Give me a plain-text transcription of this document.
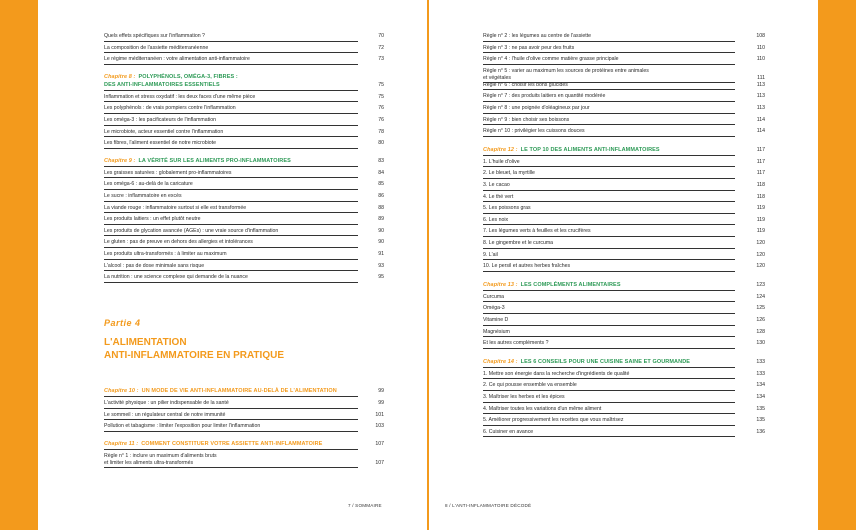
Quels effets spécifiques sur l'inflammation ?	70
La composition de l'assiette méditerranéenne	72
Le régime méditerranéen : votre alimentation anti-inflammatoire	73
Chapitre 8 : POLYPHÉNOLS, OMÉGA-3, FIBRES :
DES ANTI-INFLAMMATOIRES ESSENTIELS	75
Inflammation et stress oxydatif : les deux faces d'une même pièce	75
Les polyphénols : de vrais pompiers contre l'inflammation	76
Les oméga-3 : les pacificateurs de l'inflammation	76
Le microbiote, acteur essentiel contre l'inflammation	78
Les fibres, l'aliment essentiel de notre microbiote	80
Chapitre 9 : LA VÉRITÉ SUR LES ALIMENTS PRO-INFLAMMATOIRES	83
Les graisses saturées : globalement pro-inflammatoires	84
Les oméga-6 : au-delà de la caricature	85
Le sucre : inflammatoire en excès	86
La viande rouge : inflammatoire surtout si elle est transformée	88
Les produits laitiers : un effet plutôt neutre	89
Les produits de glycation avancée (AGEs) : une vraie source d'inflammation	90
Le gluten : pas de preuve en dehors des allergies et intolérances	90
Les produits ultra-transformés : à limiter au maximum	91
L'alcool : pas de dose minimale sans risque	93
La nutrition : une science complexe qui demande de la nuance	95
Partie 4
L'ALIMENTATION
ANTI-INFLAMMATOIRE EN PRATIQUE
Chapitre 10 : UN MODE DE VIE ANTI-INFLAMMATOIRE AU-DELÀ DE L'ALIMENTATION	99
L'activité physique : un pilier indispensable de la santé	99
Le sommeil : un régulateur central de notre immunité	101
Pollution et tabagisme : limiter l'exposition pour limiter l'inflammation	103
Chapitre 11 : COMMENT CONSTITUER VOTRE ASSIETTE ANTI-INFLAMMATOIRE	107
Règle n° 1 : inclure un maximum d'aliments bruts
et limiter les aliments ultra-transformés	107
7 / SOMMAIRE
Règle n° 2 : les légumes au centre de l'assiette	108
Règle n° 3 : ne pas avoir peur des fruits	110
Règle n° 4 : l'huile d'olive comme matière grasse principale	110
Règle n° 5 : varier au maximum les sources de protéines entre animales
et végétales	111
Règle n° 6 : choisir les bons glucides	113
Règle n° 7 : des produits laitiers en quantité modérée	113
Règle n° 8 : une poignée d'oléagineux par jour	113
Règle n° 9 : bien choisir ses boissons	114
Règle n° 10 : privilégier les cuissons douces	114
Chapitre 12 : LE TOP 10 DES ALIMENTS ANTI-INFLAMMATOIRES	117
1. L'huile d'olive	117
2. Le bleuet, la myrtille	117
3. Le cacao	118
4. Le thé vert	118
5. Les poissons gras	119
6. Les noix	119
7. Les légumes verts à feuilles et les crucifères	119
8. Le gingembre et le curcuma	120
9. L'ail	120
10. Le persil et autres herbes fraîches	120
Chapitre 13 : LES COMPLÉMENTS ALIMENTAIRES	123
Curcuma	124
Oméga-3	125
Vitamine D	126
Magnésium	128
Et les autres compléments ?	130
Chapitre 14 : LES 6 CONSEILS POUR UNE CUISINE SAINE ET GOURMANDE	133
1. Mettre son énergie dans la recherche d'ingrédients de qualité	133
2. Ce qui pousse ensemble va ensemble	134
3. Maîtriser les herbes et les épices	134
4. Maîtriser toutes les variations d'un même aliment	135
5. Améliorer progressivement les recettes que vous maîtrisez	135
6. Cuisiner en avance	136
8 / L'ANTI-INFLAMMATOIRE DÉCODÉ
